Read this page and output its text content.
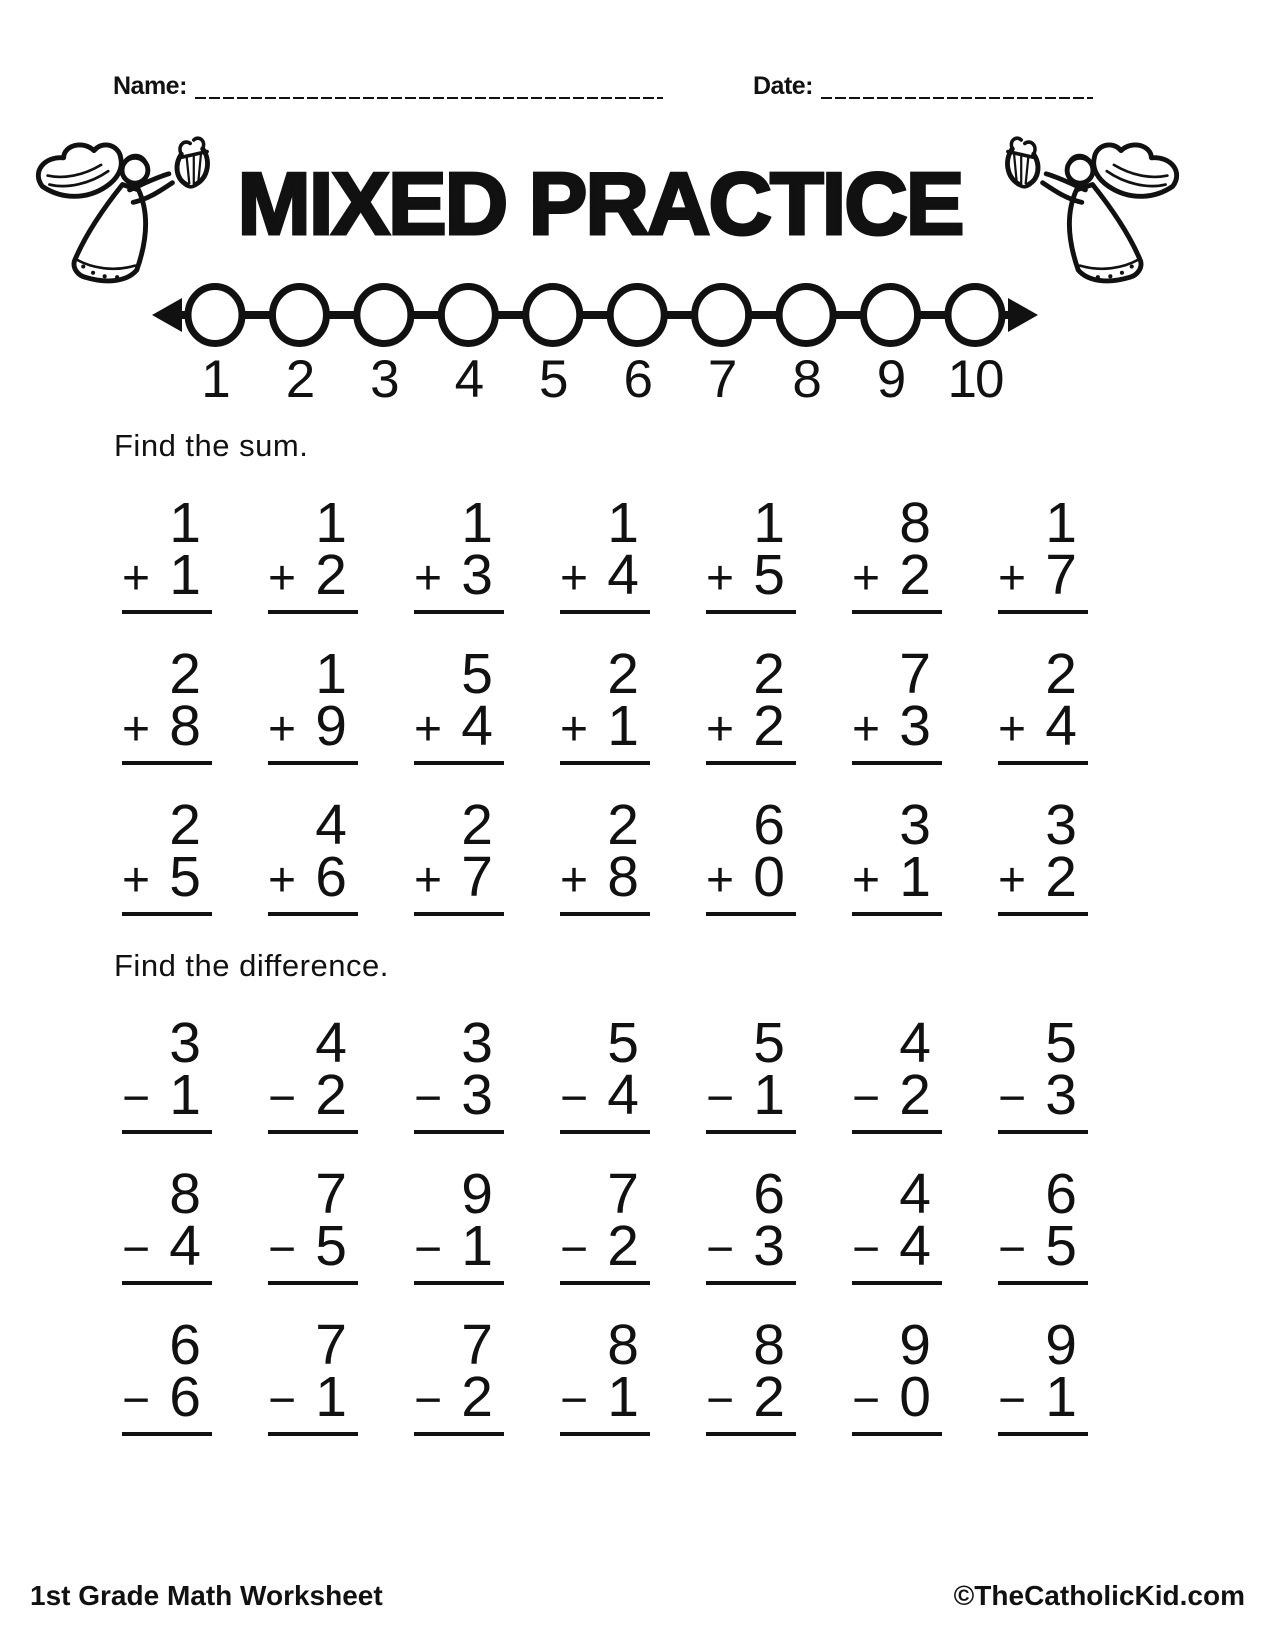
Name:	Date:
MIXED PRACTICE
1	2	3	4	5	6	7	8	9 10
Find the sum.
1
+ 1
1
+ 2
1
+ 3
1
+ 4
1
+ 5
8
+ 2
1
+ 7
2
+ 8
1
+ 9
5
+ 4
2
+ 1
2
+ 2
7
+ 3
2
+ 4
2
+ 5
4
+ 6
2
+ 7
2
+ 8
6
+ 0
3
+ 1
3
+ 2
Find the difference.
3
− 1
4
− 2
3
− 3
5
− 4
5
− 1
4
− 2
5
− 3
8
− 4
7
− 5
9
− 1
7
− 2
6
− 3
4
− 4
6
− 5
6
− 6
7
− 1
7
− 2
8
− 1
8
− 2
9
− 0
9
− 1
1st Grade Math Worksheet	©TheCatholicKid.com
